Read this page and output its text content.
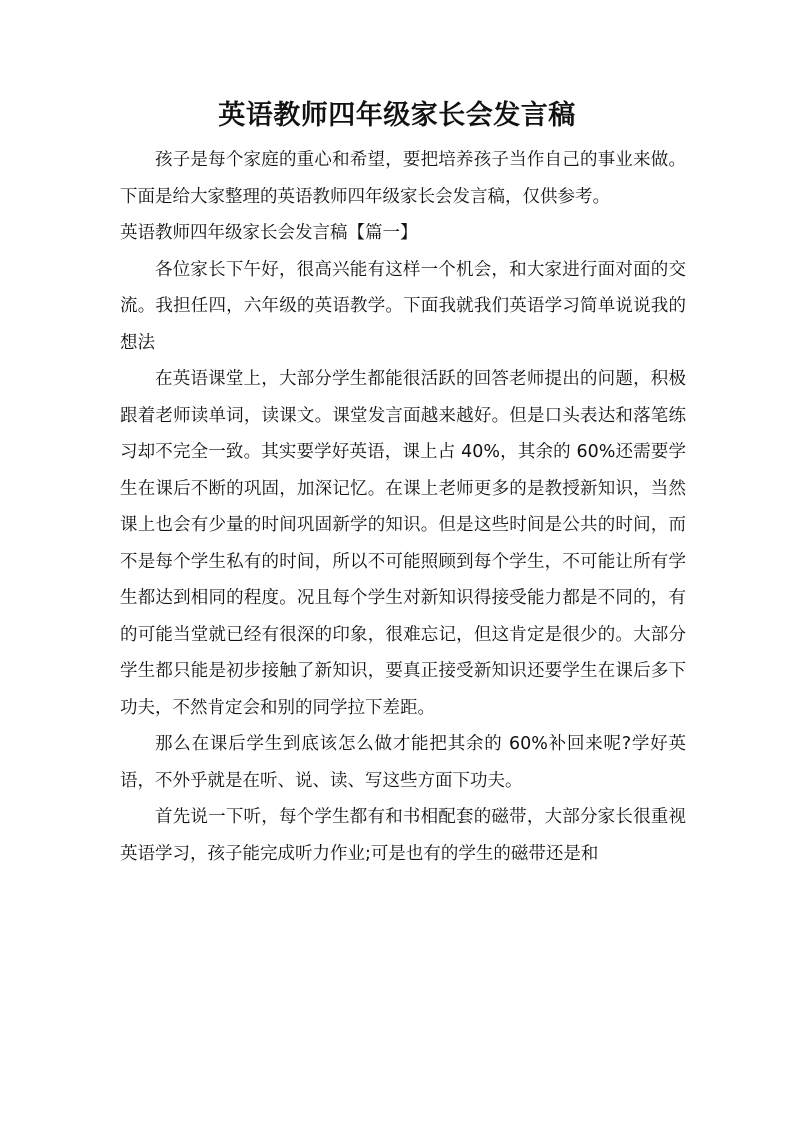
英语教师四年级家长会发言稿

孩子是每个家庭的重心和希望，要把培养孩子当作自己的事业来做。下面是给大家整理的英语教师四年级家长会发言稿，仅供参考。

英语教师四年级家长会发言稿【篇一】

各位家长下午好，很高兴能有这样一个机会，和大家进行面对面的交流。我担任四，六年级的英语教学。下面我就我们英语学习简单说说我的想法

在英语课堂上，大部分学生都能很活跃的回答老师提出的问题，积极跟着老师读单词，读课文。课堂发言面越来越好。但是口头表达和落笔练习却不完全一致。其实要学好英语，课上占 40%，其余的 60%还需要学生在课后不断的巩固，加深记忆。在课上老师更多的是教授新知识，当然课上也会有少量的时间巩固新学的知识。但是这些时间是公共的时间，而不是每个学生私有的时间，所以不可能照顾到每个学生，不可能让所有学生都达到相同的程度。况且每个学生对新知识得接受能力都是不同的，有的可能当堂就已经有很深的印象，很难忘记，但这肯定是很少的。大部分学生都只能是初步接触了新知识，要真正接受新知识还要学生在课后多下功夫，不然肯定会和别的同学拉下差距。

那么在课后学生到底该怎么做才能把其余的 60%补回来呢?学好英语，不外乎就是在听、说、读、写这些方面下功夫。

首先说一下听，每个学生都有和书相配套的磁带，大部分家长很重视英语学习，孩子能完成听力作业;可是也有的学生的磁带还是和
